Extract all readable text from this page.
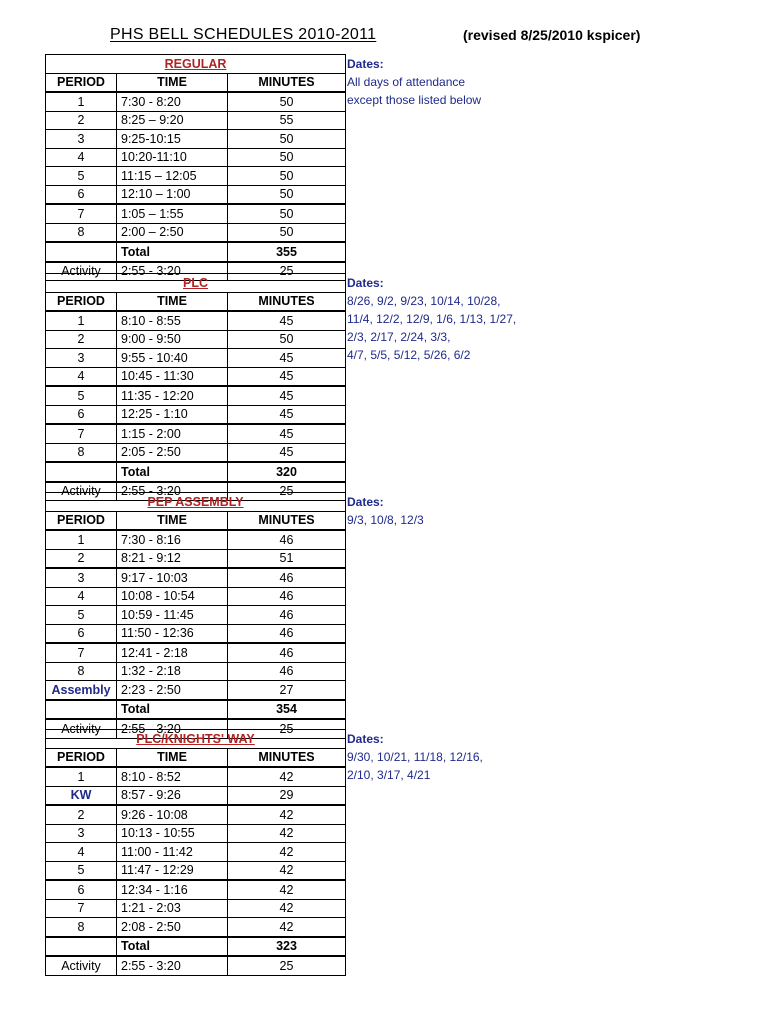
PHS BELL SCHEDULES 2010-2011	(revised 8/25/2010 kspicer)
REGULAR		
PERIOD	TIME	MINUTES
1	7:30 - 8:20	50
2	8:25 – 9:20	55
3	9:25-10:15	50
4	10:20-11:10	50
5	11:15 – 12:05	50
6	12:10 – 1:00	50
7	1:05 – 1:55	50
8	2:00 – 2:50	50
	Total	355
Activity	2:55 - 3:20	25
Dates:
All days of attendance
except those listed below
PLC		
PERIOD	TIME	MINUTES
1	8:10 - 8:55	45
2	9:00 - 9:50	50
3	9:55 - 10:40	45
4	10:45 - 11:30	45
5	11:35 - 12:20	45
6	12:25 - 1:10	45
7	1:15 - 2:00	45
8	2:05 - 2:50	45
	Total	320
Activity	2:55 - 3:20	25
Dates:
8/26, 9/2, 9/23, 10/14, 10/28,
11/4, 12/2, 12/9, 1/6, 1/13, 1/27,
2/3, 2/17, 2/24, 3/3,
4/7, 5/5, 5/12, 5/26, 6/2
PEP ASSEMBLY		
PERIOD	TIME	MINUTES
1	7:30 - 8:16	46
2	8:21 - 9:12	51
3	9:17 - 10:03	46
4	10:08 - 10:54	46
5	10:59 - 11:45	46
6	11:50 - 12:36	46
7	12:41 - 2:18	46
8	1:32 - 2:18	46
Assembly	2:23 - 2:50	27
	Total	354
Activity	2:55 - 3:20	25
Dates:
9/3, 10/8, 12/3
PLC/KNIGHTS' WAY		
PERIOD	TIME	MINUTES
1	8:10 - 8:52	42
KW	8:57 - 9:26	29
2	9:26 - 10:08	42
3	10:13 - 10:55	42
4	11:00 - 11:42	42
5	11:47 - 12:29	42
6	12:34 - 1:16	42
7	1:21 - 2:03	42
8	2:08 - 2:50	42
	Total	323
Activity	2:55 - 3:20	25
Dates:
9/30, 10/21, 11/18, 12/16,
2/10, 3/17, 4/21
